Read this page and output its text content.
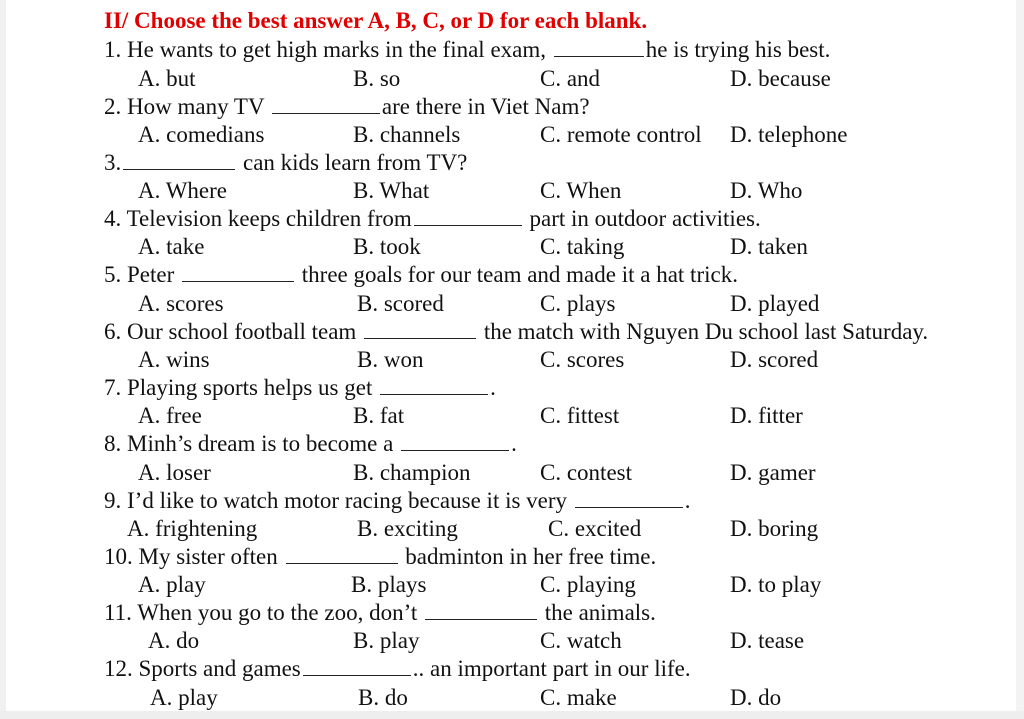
II/ Choose the best answer A, B, C, or D for each blank.
1. He wants to get high marks in the final exam,	he is trying his best.
A. but	B. so	C. and	D. because
2. How many TV	are there in Viet Nam?
A. comedians	B. channels	C. remote control D. telephone
3.	can kids learn from TV?
A. Where	B. What	C. When	D. Who
4. Television keeps children from	part in outdoor activities.
A. take	B. took	C. taking	D. taken
5. Peter	three goals for our team and made it a hat trick.
A. scores	B. scored	C. plays	D. played
6. Our school football team	the match with Nguyen Du school last Saturday.
A. wins	B. won	C. scores	D. scored
7. Playing sports helps us get	.
A. free	B. fat	C. fittest	D. fitter
8. Minh’s dream is to become a	.
A. loser	B. champion	C. contest	D. gamer
9. I’d like to watch motor racing because it is very	.
A. frightening	B. exciting	C. excited	D. boring
10. My sister often	badminton in her free time.
A. play	B. plays	C. playing	D. to play
11. When you go to the zoo, don’t	the animals.
A. do	B. play	C. watch	D. tease
12. Sports and games	.. an important part in our life.
A. play	B. do	C. make	D. do
